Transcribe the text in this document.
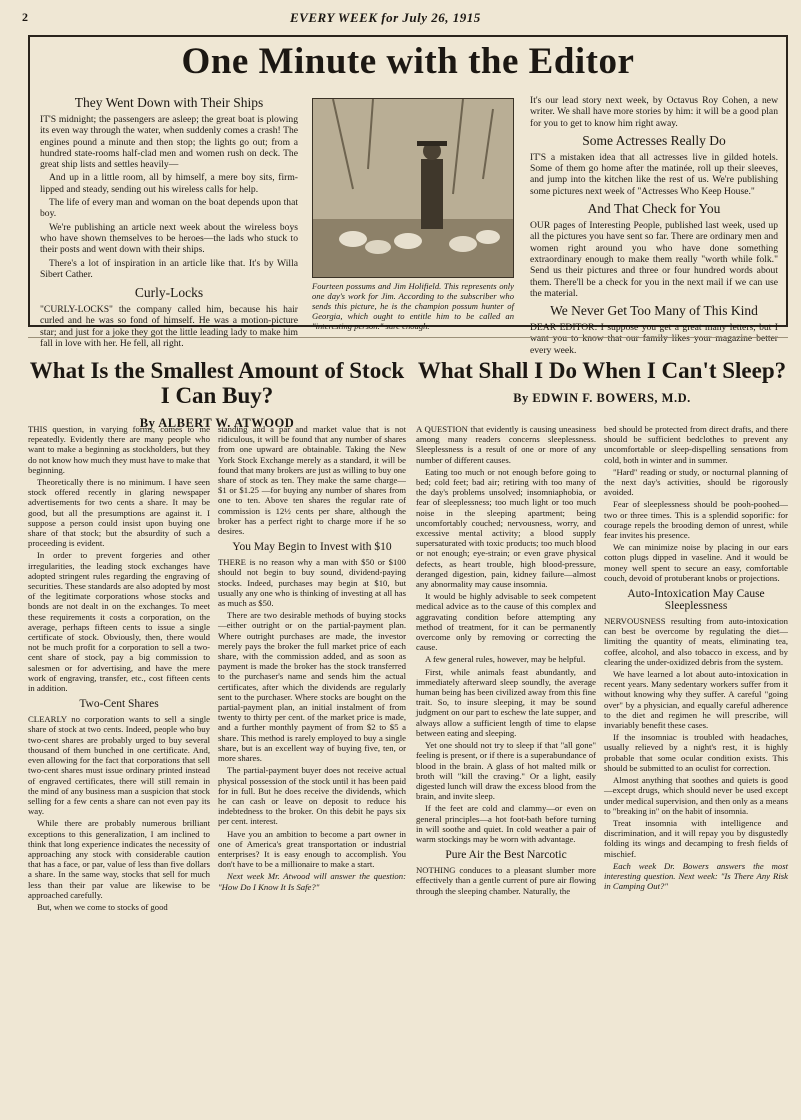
2	EVERY WEEK for July 26, 1915
One Minute with the Editor
They Went Down with Their Ships

IT'S midnight; the passengers are asleep; the great boat is plowing its even way through the water, when suddenly comes a crash! The engines pound a minute and then stop; the lights go out; from a hundred state-rooms half-clad men and women rush on deck. The great ship lists and settles heavily—

And up in a little room, all by himself, a mere boy sits, firm-lipped and steady, sending out his wireless calls for help.

The life of every man and woman on the boat depends upon that boy.

We're publishing an article next week about the wireless boys who have shown themselves to be heroes—the lads who stuck to their posts and went down with their ships.

There's a lot of inspiration in an article like that. It's by Willa Sibert Cather.

Curly-Locks

"CURLY-LOCKS" the company called him, because his hair curled and he was so fond of himself. He was a motion-picture star; and just for a joke they got the little leading lady to make him fall in love with her. He fell, all right.

Fourteen possums and Jim Holifield. This represents only one day's work for Jim. According to the subscriber who sends this picture, he is the champion possum hunter of Georgia, which ought to entitle him to be called an "interesting person." sure enough.

It's our lead story next week, by Octavus Roy Cohen, a new writer. We shall have more stories by him: it will be a good plan for you to get to know him right away.

Some Actresses Really Do

IT'S a mistaken idea that all actresses live in gilded hotels. Some of them go home after the matinée, roll up their sleeves, and jump into the kitchen like the rest of us. We're publishing some pictures next week of "Actresses Who Keep House."

And That Check for You

OUR pages of Interesting People, published last week, used up all the pictures you have sent so far. There are ordinary men and women right around you who have done something extraordinary enough to make them really "worth while folk." Send us their pictures and three or four hundred words about them. There'll be a check for you in the next mail if we can use the material.

We Never Get Too Many of This Kind

DEAR EDITOR: I suppose you get a great many letters, but I want you to know that our family likes your magazine better every week.

What Is the Smallest Amount of Stock I Can Buy?
By ALBERT W. ATWOOD

THIS question, in varying forms, comes to me repeatedly. Evidently there are many people who want to make a beginning as stockholders, but they do not know how much they must have to make that beginning.

Theoretically there is no minimum. I have seen stock offered recently in glaring newspaper advertisements for two cents a share. It may be good, but all the presumptions are against it. I suppose a person could insist upon buying one share of that stock; but the absurdity of such a proceeding is evident.

In order to prevent forgeries and other irregularities, the leading stock exchanges have adopted stringent rules regarding the engraving of securities. These standards are also adopted by most of the legitimate corporations whose stocks and bonds are not dealt in on the exchanges. To meet these requirements it costs a corporation, on the average, perhaps fifteen cents to issue a single certificate of stock. Obviously, then, there would not be much profit for a corporation to sell a two-cent share of stock, pay a big commission to salesmen or for advertising, and have the mere work of engraving, transfer, etc., cost fifteen cents in addition.

Two-Cent Shares

CLEARLY no corporation wants to sell a single share of stock at two cents. Indeed, people who buy two-cent shares are probably urged to buy several thousand of them bunched in one certificate. And, even allowing for the fact that corporations that sell two-cent shares must issue ordinary printed instead of engraved certificates, there will still remain in the mind of any business man a suspicion that stock selling for a few cents a share can not even pay its way.

While there are probably numerous brilliant exceptions to this generalization, I am inclined to think that long experience indicates the necessity of approaching any stock with considerable caution that has a face, or par, value of less than five dollars a share. In the same way, stocks that sell for much less than their par value are likewise to be approached carefully.

But, when we come to stocks of good

standing and a par and market value that is not ridiculous, it will be found that any number of shares from one upward are obtainable. Taking the New York Stock Exchange merely as a standard, it will be found that many brokers are just as willing to buy one share of stock as ten. They make the same charge—$1 or $1.25 —for buying any number of shares from one to ten. Above ten shares the regular rate of commission is 12½ cents per share, although the broker has a perfect right to charge more if he so desires.

You May Begin to Invest with $10

THERE is no reason why a man with $50 or $100 should not begin to buy sound, dividend-paying stocks. Indeed, purchases may begin at $10, but usually any one who is thinking of investing at all has as much as $50.

There are two desirable methods of buying stocks—either outright or on the partial-payment plan. Where outright purchases are made, the investor merely pays the broker the full market price of each share, with the commission added, and as soon as payment is made the broker has the stock transferred to the purchaser's name and sends him the actual certificates, after which the dividends are regularly sent to the purchaser. Where stocks are bought on the partial-payment plan, an initial instalment of from twenty to thirty per cent. of the market price is made, and a further monthly payment of from $2 to $5 a share. This method is rarely employed to buy a single share, but is an excellent way of buying five, ten, or more shares.

The partial-payment buyer does not receive actual physical possession of the stock until it has been paid for in full. But he does receive the dividends, which he can cash or leave on deposit to reduce his indebtedness to the broker. On this debit he pays six per cent. interest.

Have you an ambition to become a part owner in one of America's great transportation or industrial enterprises? It is easy enough to accomplish. You don't have to be a millionaire to make a start.

Next week Mr. Atwood will answer the question: "How Do I Know It Is Safe?"

What Shall I Do When I Can't Sleep?
By EDWIN F. BOWERS, M.D.

A QUESTION that evidently is causing uneasiness among many readers concerns sleeplessness. Sleeplessness is a result of one or more of any number of different causes.

Eating too much or not enough before going to bed; cold feet; bad air; retiring with too many of the day's problems unsolved; insomniaphobia, or fear of sleeplessness; too much light or too much noise in the sleeping apartment; being uncomfortably couched; nervousness, worry, and excessive mental activity; a blood supply supersaturated with toxic products; too much blood or not enough; eye-strain; or even grave physical defects, as heart trouble, high blood-pressure, deranged digestion, pain, kidney failure—almost any abnormality may cause insomnia.

It would be highly advisable to seek competent medical advice as to the cause of this complex and aggravating condition before attempting any method of treatment, for it can be permanently overcome only by removing or correcting the cause.

A few general rules, however, may be helpful.

First, while animals feast abundantly, and immediately afterward sleep soundly, the average human being has been civilized away from this fine trait. So, to insure sleeping, it may be sound judgment on our part to eschew the late supper, and always allow a sufficient length of time to elapse between eating and sleeping.

Yet one should not try to sleep if that "all gone" feeling is present, or if there is a superabundance of blood in the brain. A glass of hot malted milk or broth will "kill the craving." Or a light, easily digested lunch will draw the excess blood from the brain, and invite sleep.

If the feet are cold and clammy—or even on general principles—a hot foot-bath before turning in will soothe and quiet. In cold weather a pair of warm stockings may be worn with advantage.

Pure Air the Best Narcotic

NOTHING conduces to a pleasant slumber more effectively than a gentle current of pure air flowing through the sleeping chamber. Naturally, the

bed should be protected from direct drafts, and there should be sufficient bedclothes to prevent any uncomfortable or sleep-dispelling sensations from cold, both in winter and in summer.

"Hard" reading or study, or nocturnal planning of the next day's activities, should be rigorously avoided.

Fear of sleeplessness should be pooh-poohed—two or three times. This is a splendid soporific: for courage repels the brooding demon of unrest, while fear invites his presence.

We can minimize noise by placing in our ears cotton plugs dipped in vaseline. And it would be money well spent to secure an easy, comfortable couch, devoid of protuberant knobs or projections.

Auto-Intoxication May Cause Sleeplessness

NERVOUSNESS resulting from auto-intoxication can best be overcome by regulating the diet—limiting the quantity of meats, eliminating tea, coffee, alcohol, and also tobacco in excess, and by clearing the under-oxidized debris from the system.

We have learned a lot about auto-intoxication in recent years. Many sedentary workers suffer from it without knowing why they suffer. A careful "going over" by a physician, and equally careful adherence to the diet and regimen he will prescribe, will invariably benefit these cases.

If the insomniac is troubled with headaches, usually relieved by a night's rest, it is highly probable that some ocular condition exists. This should be submitted to an oculist for correction.

Almost anything that soothes and quiets is good—except drugs, which should never be used except under medical supervision, and then only as a means to "breaking in" on the habit of insomnia.

Treat insomnia with intelligence and discrimination, and it will repay you by disgustedly folding its wings and decamping to fresh fields of mischief.

Each week Dr. Bowers answers the most interesting question. Next week: "Is There Any Risk in Camping Out?"
